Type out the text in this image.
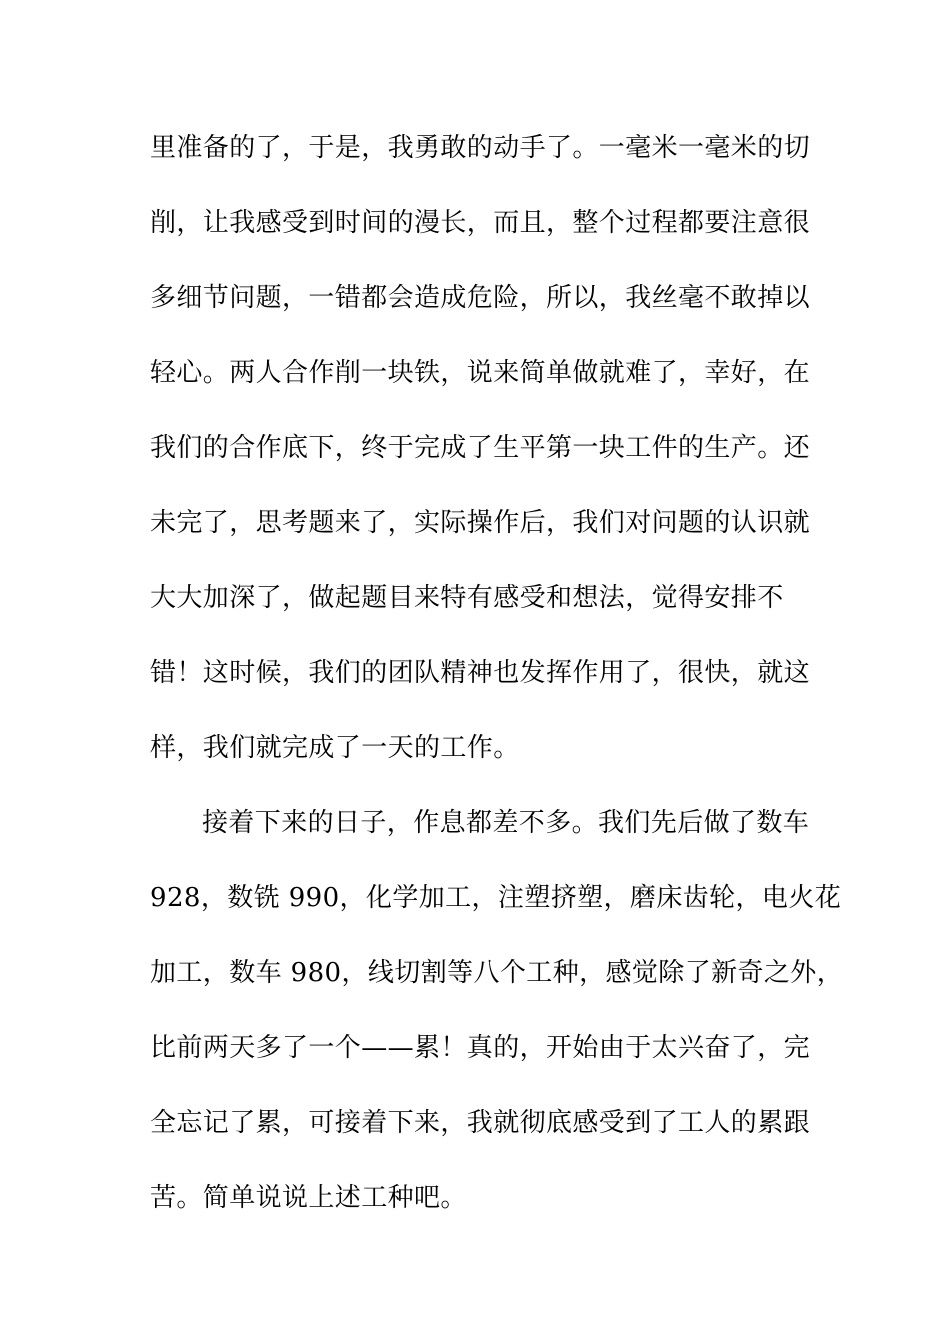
里准备的了，于是，我勇敢的动手了。一毫米一毫米的切
削，让我感受到时间的漫长，而且，整个过程都要注意很
多细节问题，一错都会造成危险，所以，我丝毫不敢掉以
轻心。两人合作削一块铁，说来简单做就难了，幸好，在
我们的合作底下，终于完成了生平第一块工件的生产。还
未完了，思考题来了，实际操作后，我们对问题的认识就
大大加深了，做起题目来特有感受和想法，觉得安排不
错！这时候，我们的团队精神也发挥作用了，很快，就这
样，我们就完成了一天的工作。
接着下来的日子，作息都差不多。我们先后做了数车
928，数铣 990，化学加工，注塑挤塑，磨床齿轮，电火花
加工，数车 980，线切割等八个工种，感觉除了新奇之外，
比前两天多了一个——累！真的，开始由于太兴奋了，完
全忘记了累，可接着下来，我就彻底感受到了工人的累跟
苦。简单说说上述工种吧。
